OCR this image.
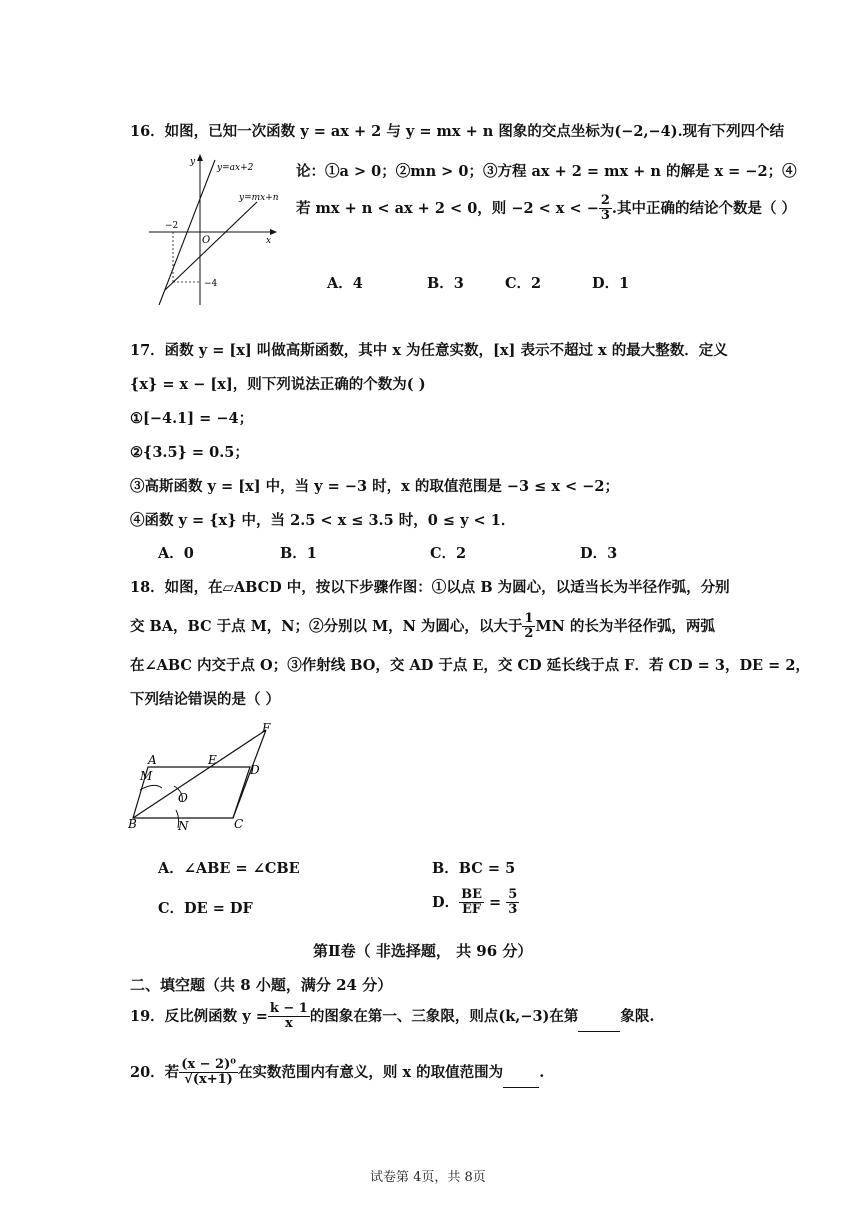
16．如图，已知一次函数 y = ax + 2 与 y = mx + n 图象的交点坐标为(−2,−4).现有下列四个结
论：①a > 0；②mn > 0；③方程 ax + 2 = mx + n 的解是 x = −2；④
若 mx + n < ax + 2 < 0，则 −2 < x < − $\frac{2}{3}$ .其中正确的结论个数是（ ）
y=ax+2
y=mx+n
y
x
O
−2
−4	A．4	B．3	C．2	D．1
17．函数 y = [x] 叫做高斯函数，其中 x 为任意实数，[x] 表示不超过 x 的最大整数．定义
{x} = x − [x]，则下列说法正确的个数为( )
①[−4.1] = −4；
②{3.5} = 0.5；
③高斯函数 y = [x] 中，当 y = −3 时，x 的取值范围是 −3 ≤ x < −2；
④函数 y = {x} 中，当 2.5 < x ≤ 3.5 时，0 ≤ y < 1．
A．0	B．1	C．2	D．3
18．如图，在▱ABCD 中，按以下步骤作图：①以点 B 为圆心，以适当长为半径作弧，分别
交 BA，BC 于点 M，N；②分别以 M，N 为圆心，以大于 $\frac{1}{2}$ MN 的长为半径作弧，两弧
在∠ABC 内交于点 O；③作射线 BO，交 AD 于点 E，交 CD 延长线于点 F．若 CD = 3，DE = 2，
下列结论错误的是（ ）
A
M
E
D
F
O
B	N	C
A．∠ABE = ∠CBE	B．BC = 5
C．DE = DF	D． $\frac{BE}{EF} = \frac{5}{3}$
第Ⅱ卷（ 非选择题， 共 96 分）
二、填空题（共 8 小题，满分 24 分）
19．反比例函数 $y = \frac{k - 1}{x}$ 的图象在第一、三象限，则点(k,−3)在第	象限.
20．若 $\frac{\text{(x − 2)⁰}}{√(x+1)}$ 在实数范围内有意义，则 x 的取值范围为 .
试卷第 4页，共 8页
